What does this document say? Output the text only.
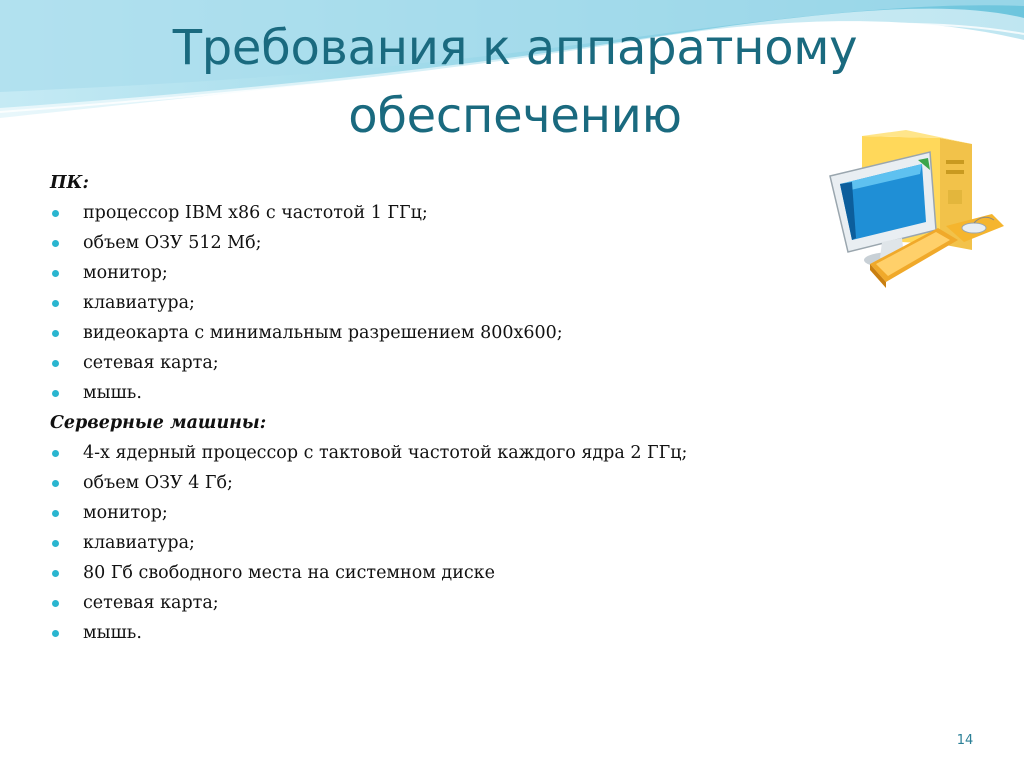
Требования к аппаратному обеспечению
ПК:
процессор IBM x86 с частотой 1 ГГц;
объем ОЗУ 512 Мб;
монитор;
клавиатура;
видеокарта с минимальным разрешением 800x600;
сетевая карта;
мышь.
Серверные машины:
4-х ядерный процессор с тактовой частотой каждого ядра 2 ГГц;
объем ОЗУ 4 Гб;
монитор;
клавиатура;
80 Гб свободного места на системном диске
сетевая карта;
мышь.
14
